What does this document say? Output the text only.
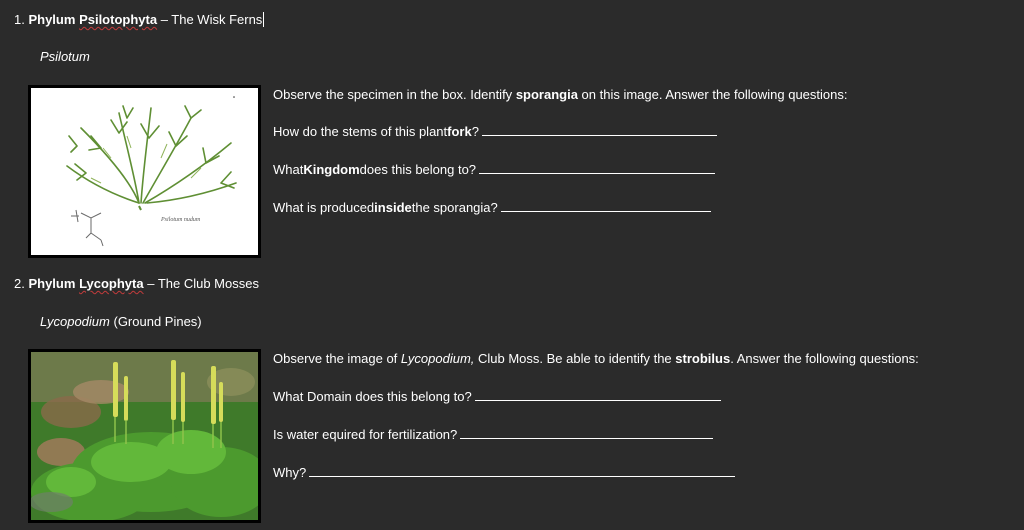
1. Phylum Psilotophyta – The Wisk Ferns
Psilotum
Psilotum nudum
Observe the specimen in the box. Identify sporangia on this image. Answer the following questions:
How do the stems of this plant fork ?
What Kingdom does this belong to?
What is produced inside the sporangia?
2. Phylum Lycophyta – The Club Mosses
Lycopodium (Ground Pines)
Observe the image of Lycopodium, Club Moss. Be able to identify the strobilus. Answer the following questions:
What Domain does this belong to?
Is water equired for fertilization?
Why?
